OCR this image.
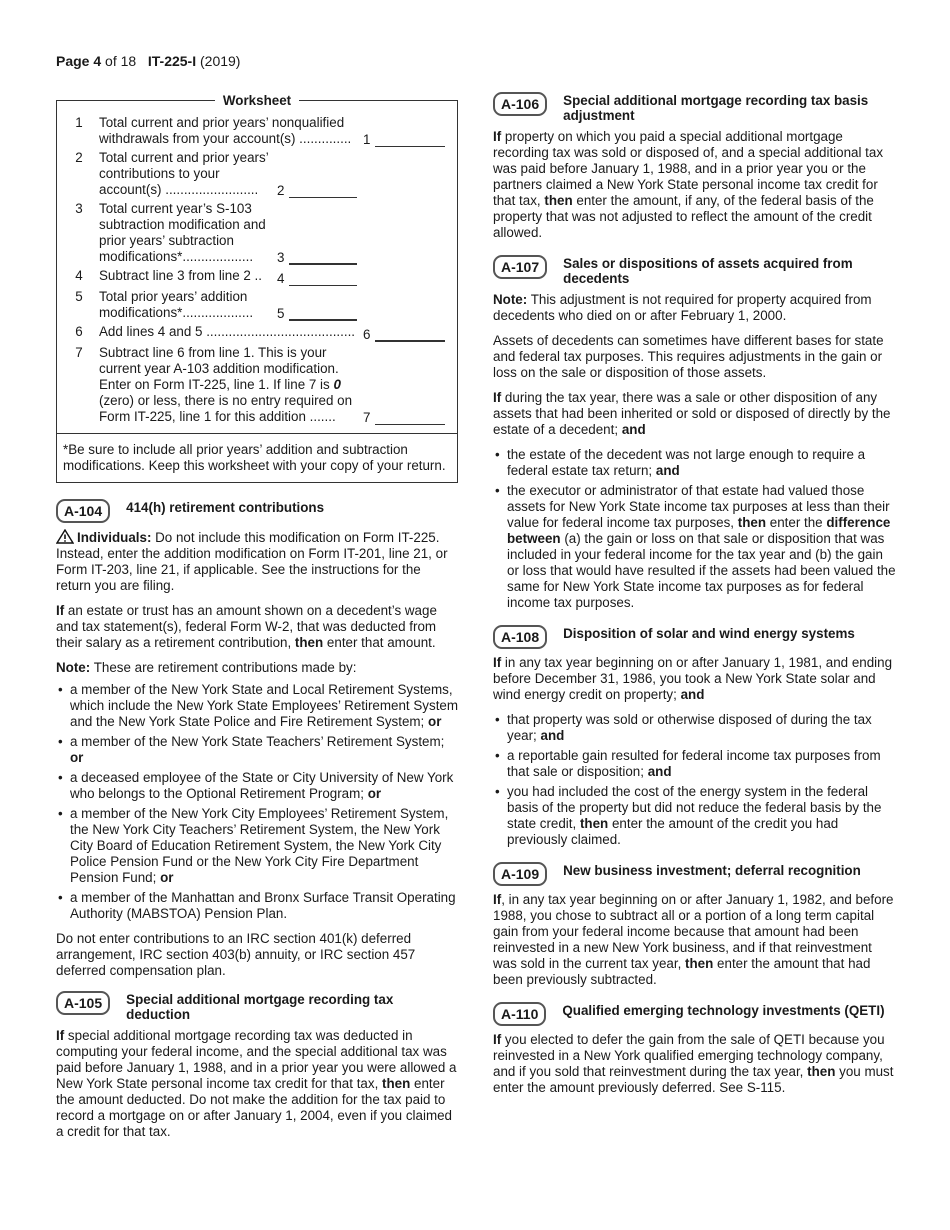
Page 4 of 18 IT-225-I (2019)
Worksheet
1	Total current and prior years’ nonqualified withdrawals from your account(s) .............. 1

2	Total current and prior years’ contributions to your account(s) .........................	2

3	Total current year’s S-103 subtraction modification and prior years’ subtraction modifications*...................	3

4	Subtract line 3 from line 2 ..	4

5	Total prior years’ addition modifications*...................	5

6	Add lines 4 and 5 ........................................ 6

7	Subtract line 6 from line 1. This is your current year A-103 addition modification. Enter on Form IT-225, line 1. If line 7 is 0 (zero) or less, there is no entry required on Form IT-225, line 1 for this addition .......	7

*Be sure to include all prior years’ addition and subtraction modifications. Keep this worksheet with your copy of your return.
A-104	414(h) retirement contributions

Individuals: Do not include this modification on Form IT-225. Instead, enter the addition modification on Form IT-201, line 21, or Form IT-203, line 21, if applicable. See the instructions for the return you are filing.

If an estate or trust has an amount shown on a decedent’s wage and tax statement(s), federal Form W-2, that was deducted from their salary as a retirement contribution, then enter that amount.

Note: These are retirement contributions made by:

• a member of the New York State and Local Retirement Systems, which include the New York State Employees’ Retirement System and the New York State Police and Fire Retirement System; or
• a member of the New York State Teachers’ Retirement System; or
• a deceased employee of the State or City University of New York who belongs to the Optional Retirement Program; or
• a member of the New York City Employees’ Retirement System, the New York City Teachers’ Retirement System, the New York City Board of Education Retirement System, the New York City Police Pension Fund or the New York City Fire Department Pension Fund; or
• a member of the Manhattan and Bronx Surface Transit Operating Authority (MABSTOA) Pension Plan.

Do not enter contributions to an IRC section 401(k) deferred arrangement, IRC section 403(b) annuity, or IRC section 457 deferred compensation plan.

A-105	Special additional mortgage recording tax deduction

If special additional mortgage recording tax was deducted in computing your federal income, and the special additional tax was paid before January 1, 1988, and in a prior year you were allowed a New York State personal income tax credit for that tax, then enter the amount deducted. Do not make the addition for the tax paid to record a mortgage on or after January 1, 2004, even if you claimed a credit for that tax.

A-106	Special additional mortgage recording tax basis adjustment

If property on which you paid a special additional mortgage recording tax was sold or disposed of, and a special additional tax was paid before January 1, 1988, and in a prior year you or the partners claimed a New York State personal income tax credit for that tax, then enter the amount, if any, of the federal basis of the property that was not adjusted to reflect the amount of the credit allowed.

A-107	Sales or dispositions of assets acquired from decedents

Note: This adjustment is not required for property acquired from decedents who died on or after February 1, 2000.

Assets of decedents can sometimes have different bases for state and federal tax purposes. This requires adjustments in the gain or loss on the sale or disposition of those assets.

If during the tax year, there was a sale or other disposition of any assets that had been inherited or sold or disposed of directly by the estate of a decedent; and

• the estate of the decedent was not large enough to require a federal estate tax return; and
• the executor or administrator of that estate had valued those assets for New York State income tax purposes at less than their value for federal income tax purposes, then enter the difference between (a) the gain or loss on that sale or disposition that was included in your federal income for the tax year and (b) the gain or loss that would have resulted if the assets had been valued the same for New York State income tax purposes as for federal income tax purposes.
A-108	Disposition of solar and wind energy systems

If in any tax year beginning on or after January 1, 1981, and ending before December 31, 1986, you took a New York State solar and wind energy credit on property; and

• that property was sold or otherwise disposed of during the tax year; and
• a reportable gain resulted for federal income tax purposes from that sale or disposition; and
• you had included the cost of the energy system in the federal basis of the property but did not reduce the federal basis by the state credit, then enter the amount of the credit you had previously claimed.
A-109	New business investment; deferral recognition

If, in any tax year beginning on or after January 1, 1982, and before 1988, you chose to subtract all or a portion of a long term capital gain from your federal income because that amount had been reinvested in a new New York business, and if that reinvestment was sold in the current tax year, then enter the amount that had been previously subtracted.

A-110	Qualified emerging technology investments (QETI)

If you elected to defer the gain from the sale of QETI because you reinvested in a New York qualified emerging technology company, and if you sold that reinvestment during the tax year, then you must enter the amount previously deferred. See S-115.
